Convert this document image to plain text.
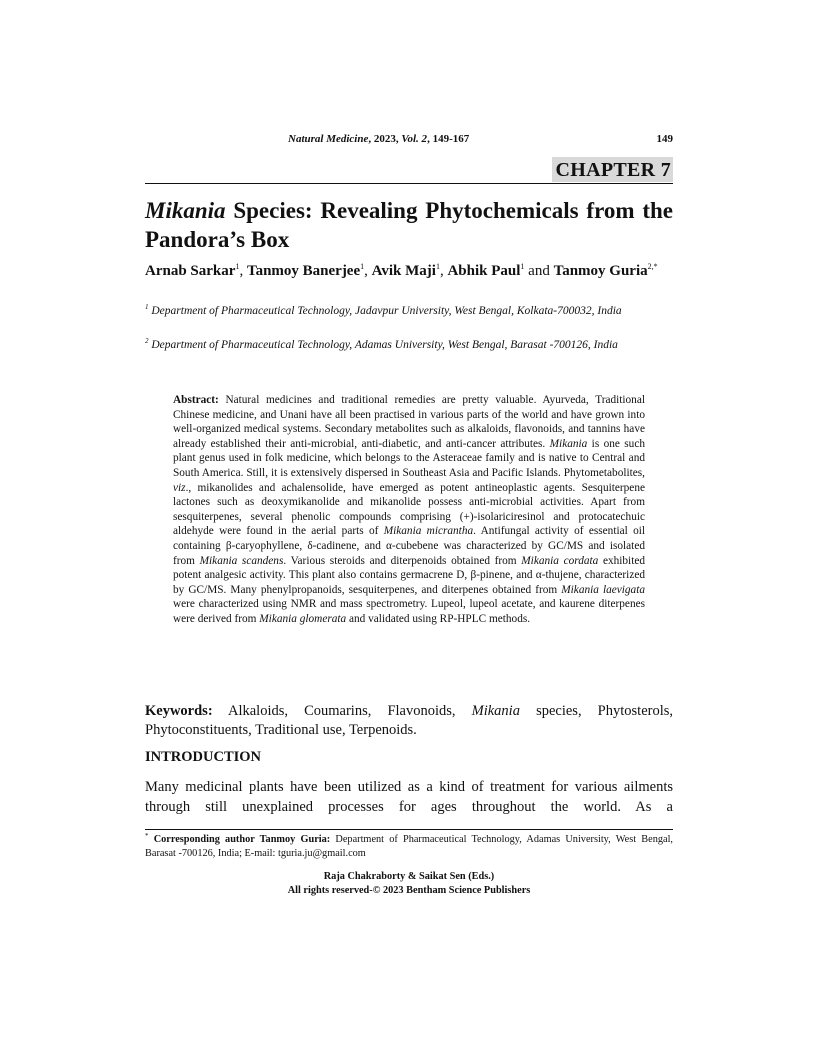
Natural Medicine, 2023, Vol. 2, 149-167	149
CHAPTER 7
Mikania Species: Revealing Phytochemicals from the Pandora’s Box

Arnab Sarkar$^1$, Tanmoy Banerjee$^1$, Avik Maji$^1$, Abhik Paul$^1$ and Tanmoy Guria$^{2,*}$

$^1$ Department of Pharmaceutical Technology, Jadavpur University, West Bengal, Kolkata-700032, India

$^2$ Department of Pharmaceutical Technology, Adamas University, West Bengal, Barasat -700126, India

Abstract: Natural medicines and traditional remedies are pretty valuable. Ayurveda, Traditional Chinese medicine, and Unani have all been practised in various parts of the world and have grown into well-organized medical systems. Secondary metabolites such as alkaloids, flavonoids, and tannins have already established their anti-microbial, anti-diabetic, and anti-cancer attributes. Mikania is one such plant genus used in folk medicine, which belongs to the Asteraceae family and is native to Central and South America. Still, it is extensively dispersed in Southeast Asia and Pacific Islands. Phytometabolites, viz., mikanolides and achalensolide, have emerged as potent antineoplastic agents. Sesquiterpene lactones such as deoxymikanolide and mikanolide possess anti-microbial activities. Apart from sesquiterpenes, several phenolic compounds comprising (+)-isolariciresinol and protocatechuic aldehyde were found in the aerial parts of Mikania micrantha. Antifungal activity of essential oil containing β-caryophyllene, δ-cadinene, and α-cubebene was characterized by GC/MS and isolated from Mikania scandens. Various steroids and diterpenoids obtained from Mikania cordata exhibited potent analgesic activity. This plant also contains germacrene D, β-pinene, and α-thujene, characterized by GC/MS. Many phenylpropanoids, sesquiterpenes, and diterpenes obtained from Mikania laevigata were characterized using NMR and mass spectrometry. Lupeol, lupeol acetate, and kaurene diterpenes were derived from Mikania glomerata and validated using RP-HPLC methods.

Keywords: Alkaloids, Coumarins, Flavonoids, Mikania species, Phytosterols, Phytoconstituents, Traditional use, Terpenoids.

INTRODUCTION

Many medicinal plants have been utilized as a kind of treatment for various ailments through still unexplained processes for ages throughout the world. As a

* Corresponding author Tanmoy Guria: Department of Pharmaceutical Technology, Adamas University, West Bengal, Barasat -700126, India; E-mail: tguria.ju@gmail.com

Raja Chakraborty & Saikat Sen (Eds.)
All rights reserved-© 2023 Bentham Science Publishers
